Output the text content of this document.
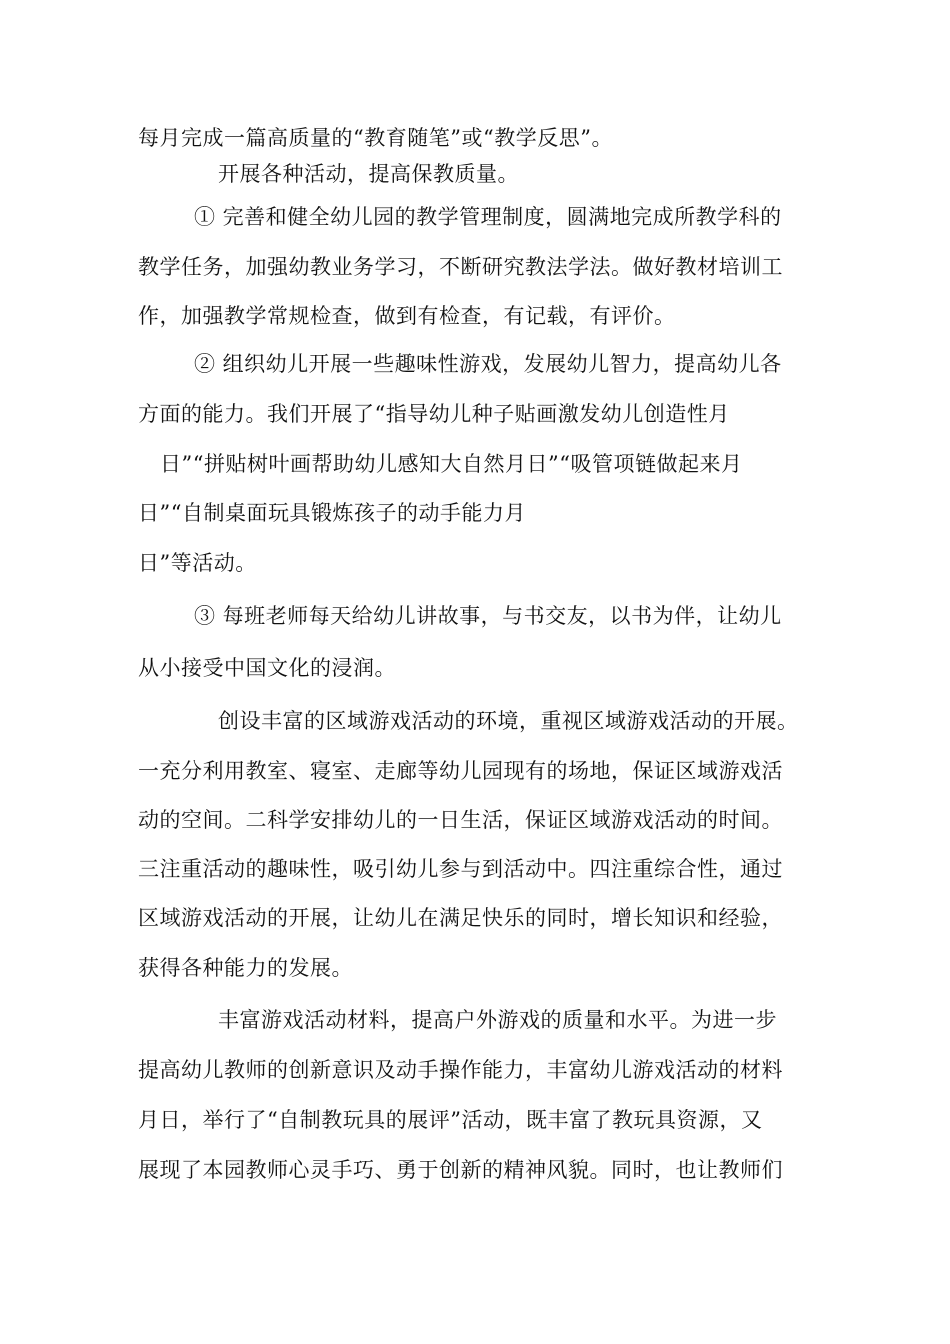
每月完成一篇高质量的“教育随笔”或“教学反思”。
开展各种活动，提高保教质量。
① 完善和健全幼儿园的教学管理制度，圆满地完成所教学科的
教学任务，加强幼教业务学习，不断研究教法学法。做好教材培训工
作，加强教学常规检查，做到有检查，有记载，有评价。
② 组织幼儿开展一些趣味性游戏，发展幼儿智力，提高幼儿各
方面的能力。我们开展了“指导幼儿种子贴画激发幼儿创造性月
日”“拼贴树叶画帮助幼儿感知大自然月日”“吸管项链做起来月
日”“自制桌面玩具锻炼孩子的动手能力月
日”等活动。
③ 每班老师每天给幼儿讲故事，与书交友，以书为伴，让幼儿
从小接受中国文化的浸润。
创设丰富的区域游戏活动的环境，重视区域游戏活动的开展。
一充分利用教室、寝室、走廊等幼儿园现有的场地，保证区域游戏活
动的空间。二科学安排幼儿的一日生活，保证区域游戏活动的时间。
三注重活动的趣味性，吸引幼儿参与到活动中。四注重综合性，通过
区域游戏活动的开展，让幼儿在满足快乐的同时，增长知识和经验，
获得各种能力的发展。
丰富游戏活动材料，提高户外游戏的质量和水平。为进一步
提高幼儿教师的创新意识及动手操作能力，丰富幼儿游戏活动的材料
月日，举行了“自制教玩具的展评”活动，既丰富了教玩具资源，又
展现了本园教师心灵手巧、勇于创新的精神风貌。同时，也让教师们
